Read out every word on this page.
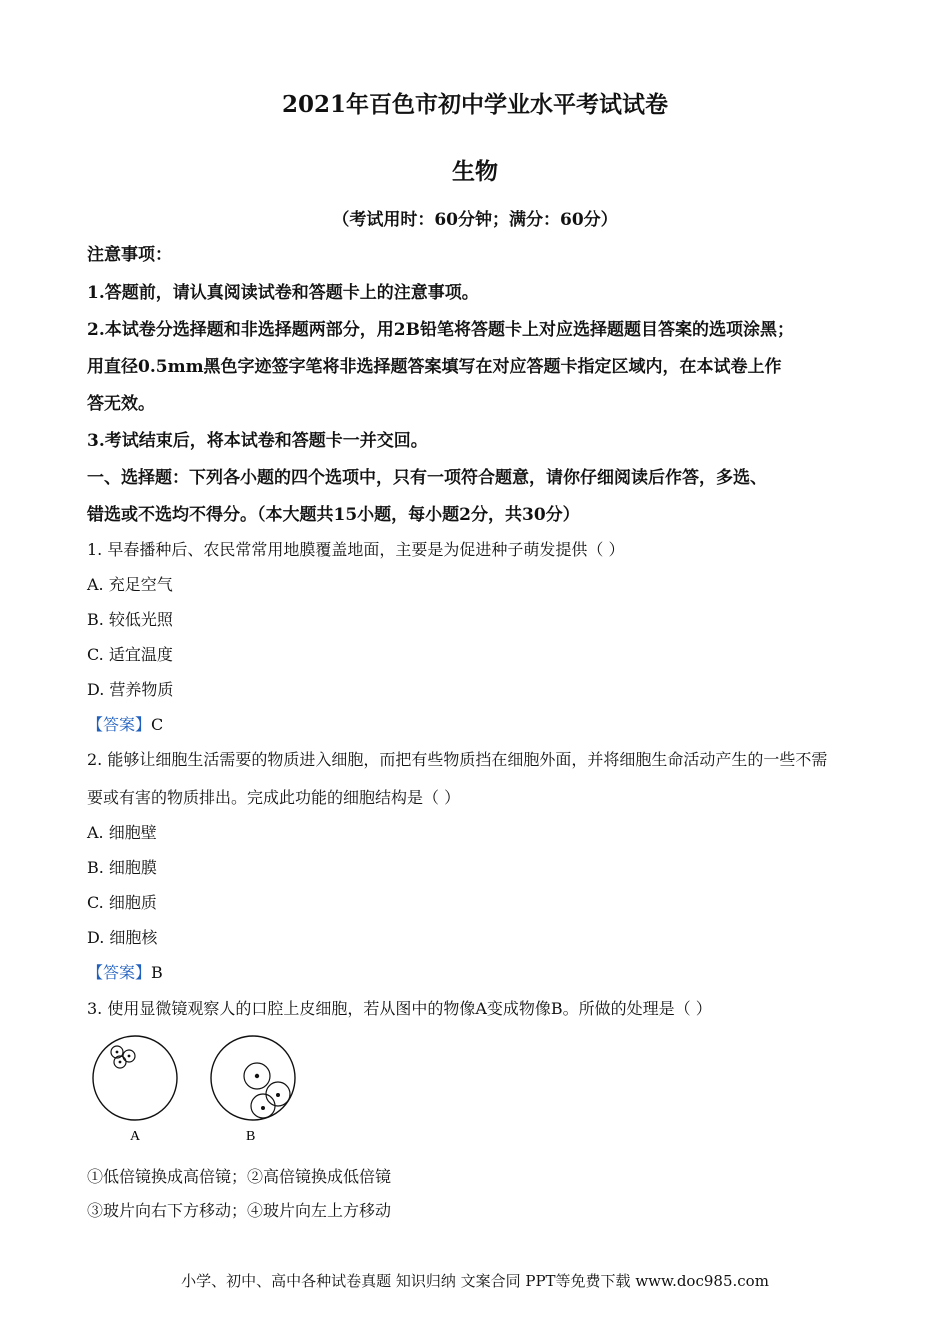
2021年百色市初中学业水平考试试卷
生物
（考试用时：60分钟；满分：60分）
注意事项：
1.答题前，请认真阅读试卷和答题卡上的注意事项。
2.本试卷分选择题和非选择题两部分，用2B铅笔将答题卡上对应选择题题目答案的选项涂黑；
用直径0.5mm黑色字迹签字笔将非选择题答案填写在对应答题卡指定区域内，在本试卷上作
答无效。
3.考试结束后，将本试卷和答题卡一并交回。
一、选择题：下列各小题的四个选项中，只有一项符合题意，请你仔细阅读后作答，多选、
错选或不选均不得分。（本大题共15小题，每小题2分，共30分）
1. 早春播种后、农民常常用地膜覆盖地面，主要是为促进种子萌发提供（ ）
A. 充足空气
B. 较低光照
C. 适宜温度
D. 营养物质
【答案】C
2. 能够让细胞生活需要的物质进入细胞，而把有些物质挡在细胞外面，并将细胞生命活动产生的一些不需
要或有害的物质排出。完成此功能的细胞结构是（ ）
A. 细胞壁
B. 细胞膜
C. 细胞质
D. 细胞核
【答案】B
3. 使用显微镜观察人的口腔上皮细胞，若从图中的物像A变成物像B。所做的处理是（ ）
A	B
①低倍镜换成高倍镜；②高倍镜换成低倍镜
③玻片向右下方移动；④玻片向左上方移动
小学、初中、高中各种试卷真题 知识归纳 文案合同 PPT等免费下载 www.doc985.com
